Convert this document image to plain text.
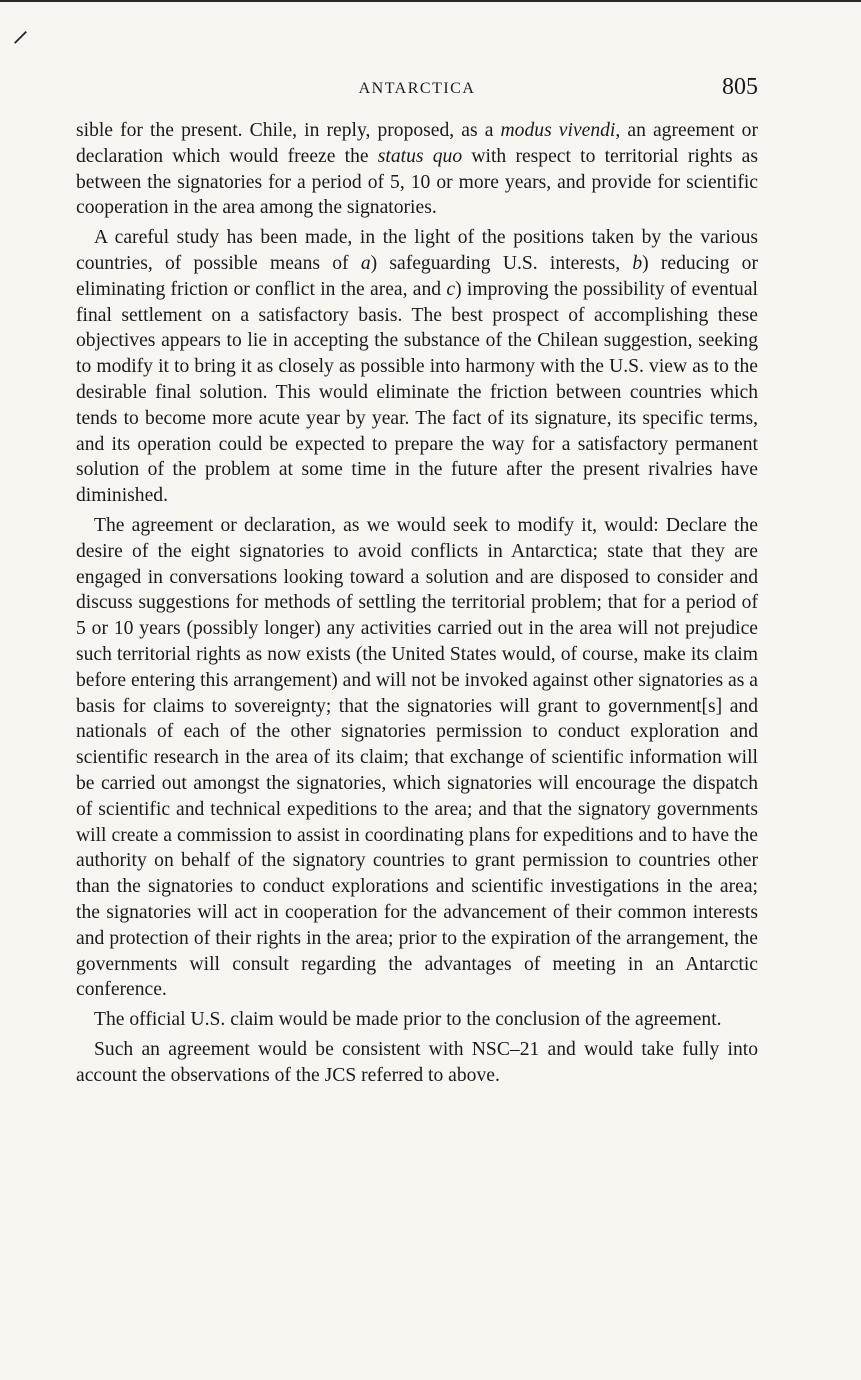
⸝
ANTARCTICA	805

sible for the present. Chile, in reply, proposed, as a modus vivendi, an agreement or declaration which would freeze the status quo with respect to territorial rights as between the signatories for a period of 5, 10 or more years, and provide for scientific cooperation in the area among the signatories.

A careful study has been made, in the light of the positions taken by the various countries, of possible means of a) safeguarding U.S. interests, b) reducing or eliminating friction or conflict in the area, and c) improving the possibility of eventual final settlement on a satisfactory basis. The best prospect of accomplishing these objectives appears to lie in accepting the substance of the Chilean suggestion, seeking to modify it to bring it as closely as possible into harmony with the U.S. view as to the desirable final solution. This would eliminate the friction between countries which tends to become more acute year by year. The fact of its signature, its specific terms, and its operation could be expected to prepare the way for a satisfactory permanent solution of the problem at some time in the future after the present rivalries have diminished.

The agreement or declaration, as we would seek to modify it, would: Declare the desire of the eight signatories to avoid conflicts in Antarctica; state that they are engaged in conversations looking toward a solution and are disposed to consider and discuss suggestions for methods of settling the territorial problem; that for a period of 5 or 10 years (possibly longer) any activities carried out in the area will not prejudice such territorial rights as now exists (the United States would, of course, make its claim before entering this arrangement) and will not be invoked against other signatories as a basis for claims to sovereignty; that the signatories will grant to government[s] and nationals of each of the other signatories permission to conduct exploration and scientific research in the area of its claim; that exchange of scientific information will be carried out amongst the signatories, which signatories will encourage the dispatch of scientific and technical expeditions to the area; and that the signatory governments will create a commission to assist in coordinating plans for expeditions and to have the authority on behalf of the signatory countries to grant permission to countries other than the signatories to conduct explorations and scientific investigations in the area; the signatories will act in cooperation for the advancement of their common interests and protection of their rights in the area; prior to the expiration of the arrangement, the governments will consult regarding the advantages of meeting in an Antarctic conference.

The official U.S. claim would be made prior to the conclusion of the agreement.

Such an agreement would be consistent with NSC–21 and would take fully into account the observations of the JCS referred to above.
